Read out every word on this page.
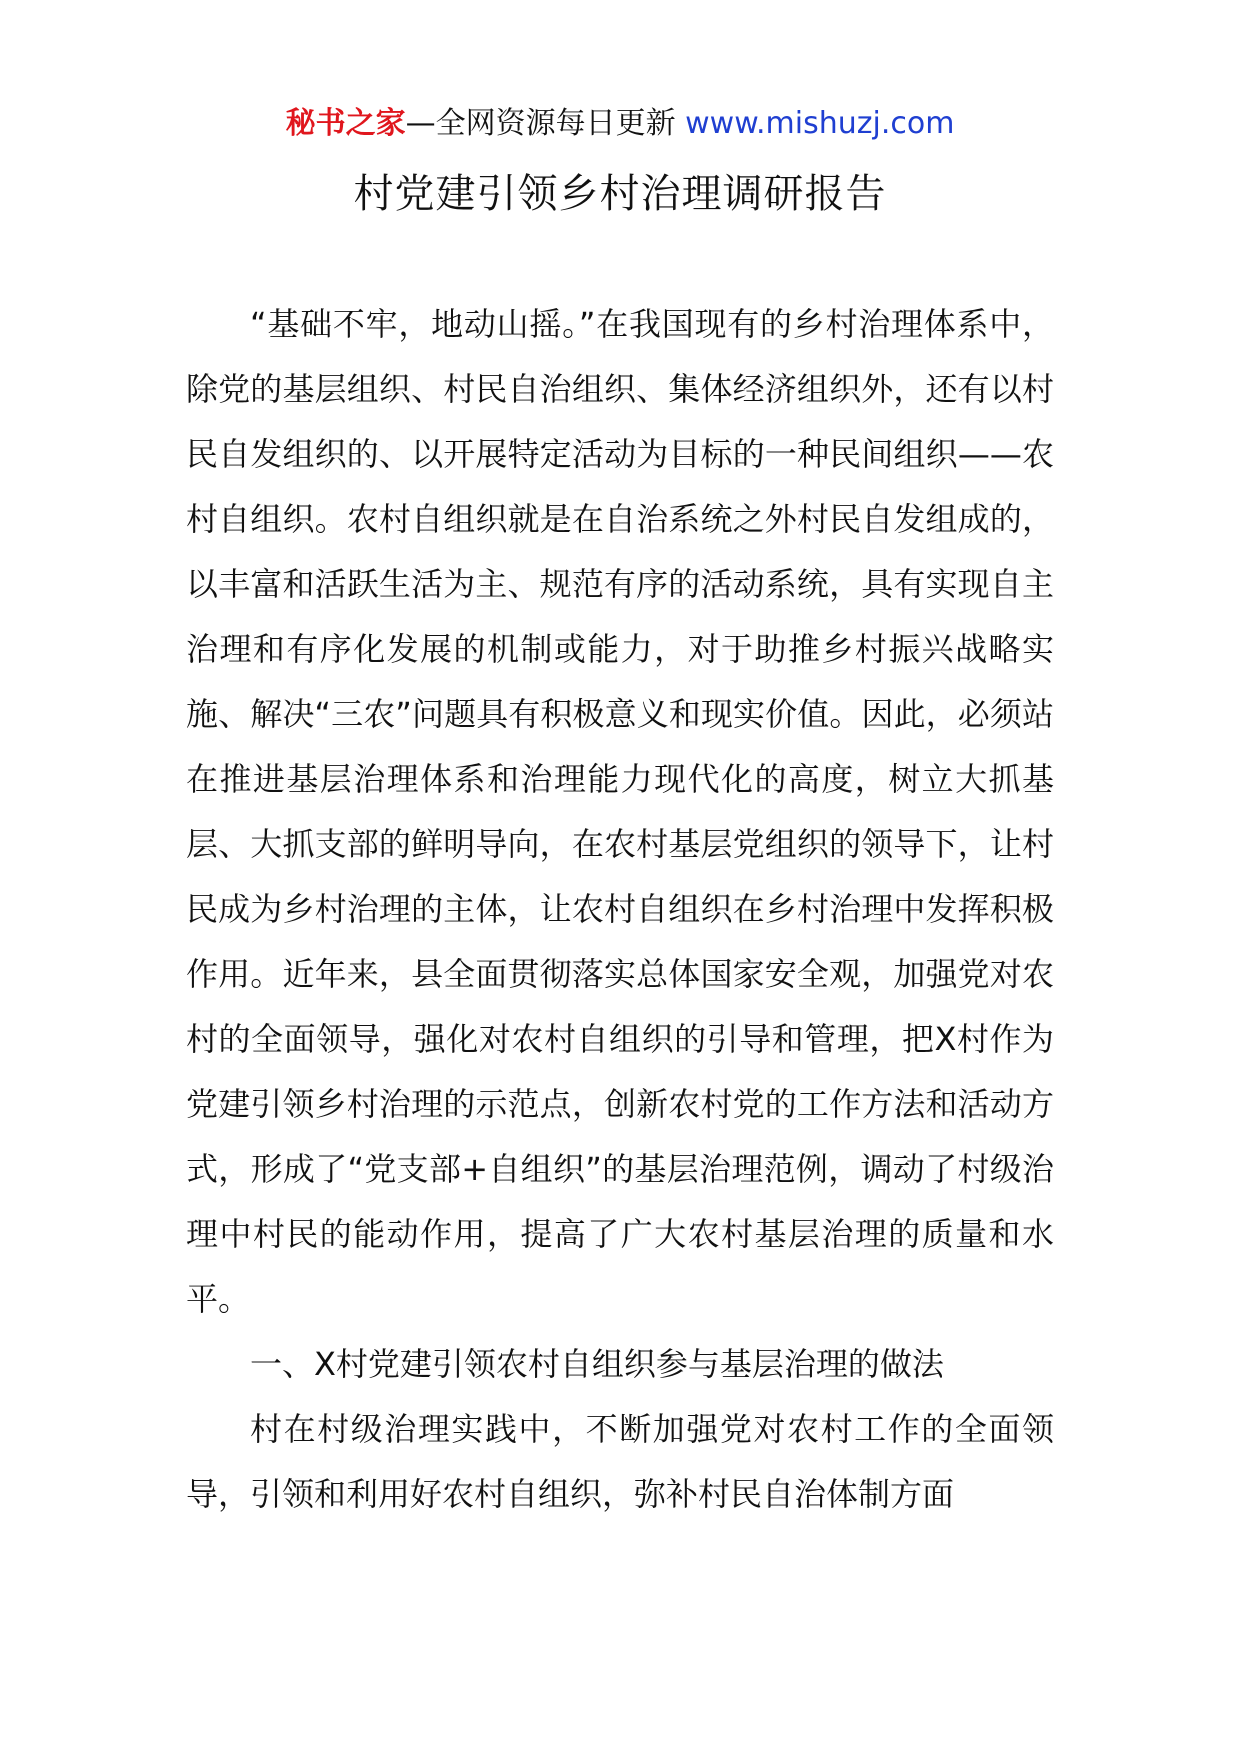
秘书之家—全网资源每日更新 www.mishuzj.com
村党建引领乡村治理调研报告

“基础不牢，地动山摇。”在我国现有的乡村治理体系中，除党的基层组织、村民自治组织、集体经济组织外，还有以村民自发组织的、以开展特定活动为目标的一种民间组织——农村自组织。农村自组织就是在自治系统之外村民自发组成的，以丰富和活跃生活为主、规范有序的活动系统，具有实现自主治理和有序化发展的机制或能力，对于助推乡村振兴战略实施、解决“三农”问题具有积极意义和现实价值。因此，必须站在推进基层治理体系和治理能力现代化的高度，树立大抓基层、大抓支部的鲜明导向，在农村基层党组织的领导下，让村民成为乡村治理的主体，让农村自组织在乡村治理中发挥积极作用。近年来，县全面贯彻落实总体国家安全观，加强党对农村的全面领导，强化对农村自组织的引导和管理，把X村作为党建引领乡村治理的示范点，创新农村党的工作方法和活动方式，形成了“党支部+自组织”的基层治理范例，调动了村级治理中村民的能动作用，提高了广大农村基层治理的质量和水平。

一、X村党建引领农村自组织参与基层治理的做法

村在村级治理实践中，不断加强党对农村工作的全面领导，引领和利用好农村自组织，弥补村民自治体制方面
